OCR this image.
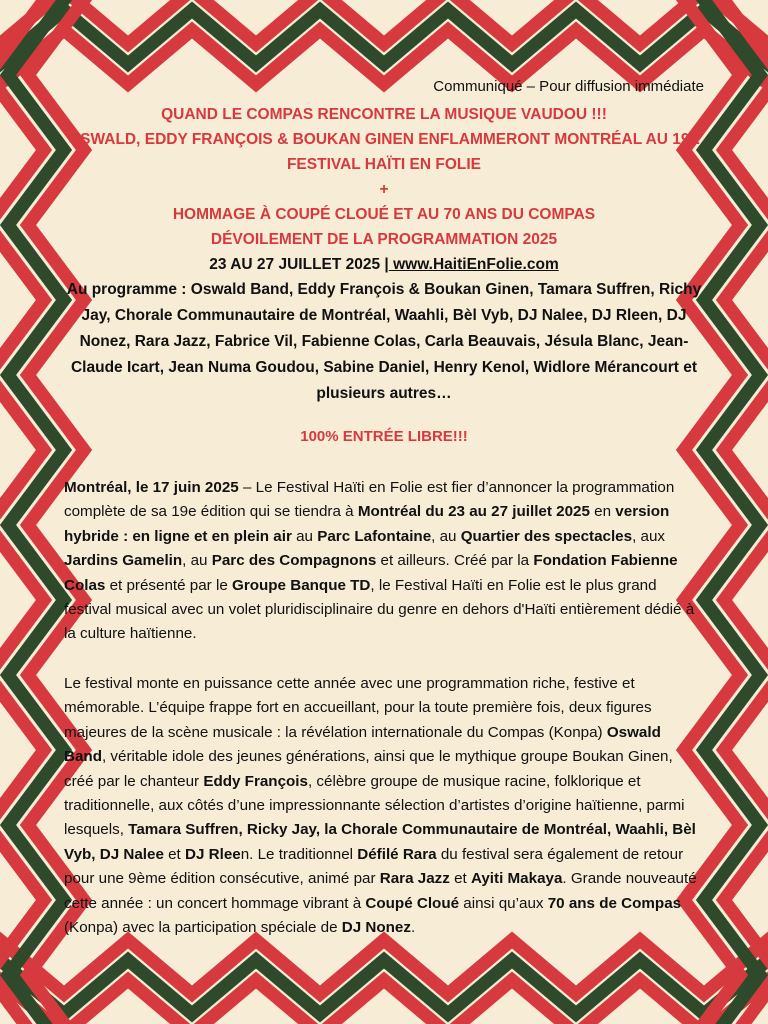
Communiqué – Pour diffusion immédiate
QUAND LE COMPAS RENCONTRE LA MUSIQUE VAUDOU !!!
OSWALD, EDDY FRANÇOIS & BOUKAN GINEN ENFLAMMERONT MONTRÉAL AU 19E FESTIVAL HAÏTI EN FOLIE
+
HOMMAGE À COUPÉ CLOUÉ ET AU 70 ANS DU COMPAS
DÉVOILEMENT DE LA PROGRAMMATION 2025
23 AU 27 JUILLET 2025 | www.HaitiEnFolie.com
Au programme : Oswald Band, Eddy François & Boukan Ginen, Tamara Suffren, Richy Jay, Chorale Communautaire de Montréal, Waahli, Bèl Vyb, DJ Nalee, DJ Rleen, DJ Nonez, Rara Jazz, Fabrice Vil, Fabienne Colas, Carla Beauvais, Jésula Blanc, Jean-Claude Icart, Jean Numa Goudou, Sabine Daniel, Henry Kenol, Widlore Mérancourt et plusieurs autres…
100% ENTRÉE LIBRE!!!
Montréal, le 17 juin 2025 – Le Festival Haïti en Folie est fier d’annoncer la programmation complète de sa 19e édition qui se tiendra à Montréal du 23 au 27 juillet 2025 en version hybride : en ligne et en plein air au Parc Lafontaine, au Quartier des spectacles, aux Jardins Gamelin, au Parc des Compagnons et ailleurs. Créé par la Fondation Fabienne Colas et présenté par le Groupe Banque TD, le Festival Haïti en Folie est le plus grand festival musical avec un volet pluridisciplinaire du genre en dehors d'Haïti entièrement dédié à la culture haïtienne.
Le festival monte en puissance cette année avec une programmation riche, festive et mémorable. L’équipe frappe fort en accueillant, pour la toute première fois, deux figures majeures de la scène musicale : la révélation internationale du Compas (Konpa) Oswald Band, véritable idole des jeunes générations, ainsi que le mythique groupe Boukan Ginen, créé par le chanteur Eddy François, célèbre groupe de musique racine, folklorique et traditionnelle, aux côtés d’une impressionnante sélection d’artistes d’origine haïtienne, parmi lesquels, Tamara Suffren, Ricky Jay, la Chorale Communautaire de Montréal, Waahli, Bèl Vyb, DJ Nalee et DJ Rleen. Le traditionnel Défilé Rara du festival sera également de retour pour une 9ème édition consécutive, animé par Rara Jazz et Ayiti Makaya. Grande nouveauté cette année : un concert hommage vibrant à Coupé Cloué ainsi qu’aux 70 ans de Compas (Konpa) avec la participation spéciale de DJ Nonez.
